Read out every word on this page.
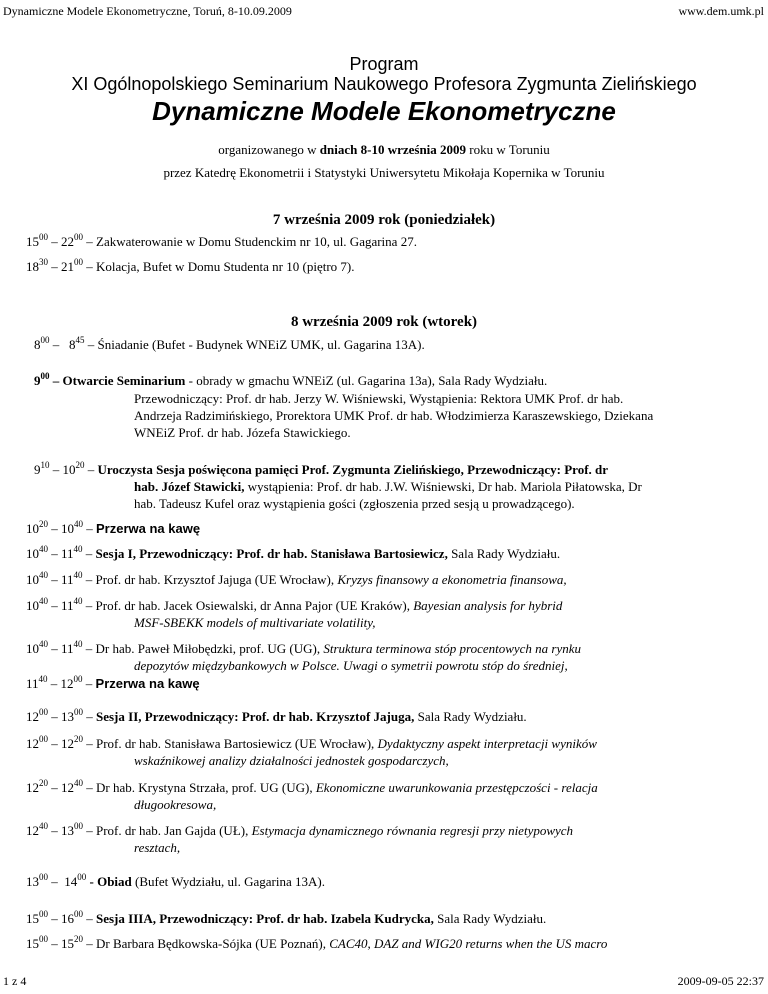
Dynamiczne Modele Ekonometryczne, Toruń, 8-10.09.2009	www.dem.umk.pl
1 z 4	2009-09-05 22:37
Program
XI Ogólnopolskiego Seminarium Naukowego Profesora Zygmunta Zielińskiego
Dynamiczne Modele Ekonometryczne
organizowanego w dniach 8-10 września 2009 roku w Toruniu
przez Katedrę Ekonometrii i Statystyki Uniwersytetu Mikołaja Kopernika w Toruniu
7 września 2009 rok (poniedziałek)
$15^{00} - 22^{00}$ – Zakwaterowanie w Domu Studenckim nr 10, ul. Gagarina 27.
$18^{30} - 21^{00}$ – Kolacja, Bufet w Domu Studenta nr 10 (piętro 7).
8 września 2009 rok (wtorek)
$8^{00} - 8^{45}$ – Śniadanie (Bufet - Budynek WNEiZ UMK, ul. Gagarina 13A).
$9^{00}$ – Otwarcie Seminarium - obrady w gmachu WNEiZ (ul. Gagarina 13a), Sala Rady Wydziału.
Przewodniczący: Prof. dr hab. Jerzy W. Wiśniewski, Wystąpienia: Rektora UMK Prof. dr hab.
Andrzeja Radzimińskiego, Prorektora UMK Prof. dr hab. Włodzimierza Karaszewskiego, Dziekana
WNEiZ Prof. dr hab. Józefa Stawickiego.
$9^{10} - 10^{20}$ – Uroczysta Sesja poświęcona pamięci Prof. Zygmunta Zielińskiego, Przewodniczący: Prof. dr
hab. Józef Stawicki, wystąpienia: Prof. dr hab. J.W. Wiśniewski, Dr hab. Mariola Piłatowska, Dr
hab. Tadeusz Kufel oraz wystąpienia gości (zgłoszenia przed sesją u prowadzącego).
$10^{20} - 10^{40}$ – Przerwa na kawę
$10^{40} - 11^{40}$ – Sesja I, Przewodniczący: Prof. dr hab. Stanisława Bartosiewicz, Sala Rady Wydziału.
$10^{40} - 11^{40}$ – Prof. dr hab. Krzysztof Jajuga (UE Wrocław), Kryzys finansowy a ekonometria finansowa,
$10^{40} - 11^{40}$ – Prof. dr hab. Jacek Osiewalski, dr Anna Pajor (UE Kraków), Bayesian analysis for hybrid
MSF-SBEKK models of multivariate volatility,
$10^{40} - 11^{40}$ – Dr hab. Paweł Miłobędzki, prof. UG (UG), Struktura terminowa stóp procentowych na rynku
depozytów międzybankowych w Polsce. Uwagi o symetrii powrotu stóp do średniej,
$11^{40} - 12^{00}$ – Przerwa na kawę
$12^{00} - 13^{00}$ – Sesja II, Przewodniczący: Prof. dr hab. Krzysztof Jajuga, Sala Rady Wydziału.
$12^{00} - 12^{20}$ – Prof. dr hab. Stanisława Bartosiewicz (UE Wrocław), Dydaktyczny aspekt interpretacji wyników
wskaźnikowej analizy działalności jednostek gospodarczych,
$12^{20} - 12^{40}$ – Dr hab. Krystyna Strzała, prof. UG (UG), Ekonomiczne uwarunkowania przestępczości - relacja
długookresowa,
$12^{40} - 13^{00}$ – Prof. dr hab. Jan Gajda (UŁ), Estymacja dynamicznego równania regresji przy nietypowych
resztach,
$13^{00} - 14^{00}$ - Obiad (Bufet Wydziału, ul. Gagarina 13A).
$15^{00} - 16^{00}$ – Sesja IIIA, Przewodniczący: Prof. dr hab. Izabela Kudrycka, Sala Rady Wydziału.
$15^{00} - 15^{20}$ – Dr Barbara Będkowska-Sójka (UE Poznań), CAC40, DAZ and WIG20 returns when the US macro
